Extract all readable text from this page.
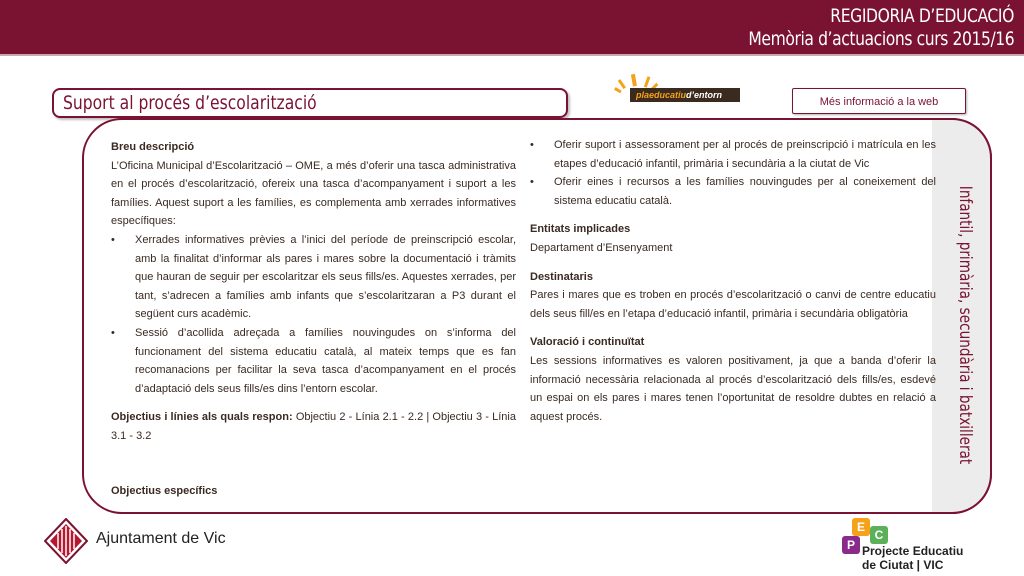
REGIDORIA D’EDUCACIÓ
Memòria d’actuacions curs 2015/16
Suport al procés d’escolarització	plaeducatiud’entorn
Més informació a la web
Infantil, primària, secundària i batxillerat

Breu descripció

L’Oficina Municipal d’Escolarització – OME, a més d’oferir una tasca administrativa en el procés d’escolarització, ofereix una tasca d’acompanyament i suport a les famílies. Aquest suport a les famílies, es complementa amb xerrades informatives específiques:

• Xerrades informatives prèvies a l’inici del període de preinscripció escolar, amb la finalitat d’informar als pares i mares sobre la documentació i tràmits que hauran de seguir per escolaritzar els seus fills/es. Aquestes xerrades, per tant, s’adrecen a famílies amb infants que s’escolaritzaran a P3 durant el següent curs acadèmic.
• Sessió d’acollida adreçada a famílies nouvingudes on s’informa del funcionament del sistema educatiu català, al mateix temps que es fan recomanacions per facilitar la seva tasca d’acompanyament en el procés d’adaptació dels seus fills/es dins l’entorn escolar.

Objectius i línies als quals respon: Objectiu 2 - Línia 2.1 - 2.2 | Objectiu 3 - Línia 3.1 - 3.2

Objectius específics

• Oferir suport i assessorament per al procés de preinscripció i matrícula en les etapes d’educació infantil, primària i secundària a la ciutat de Vic
• Oferir eines i recursos a les famílies nouvingudes per al coneixement del sistema educatiu català.

Entitats implicades

Departament d’Ensenyament

Destinataris

Pares i mares que es troben en procés d’escolarització o canvi de centre educatiu dels seus fill/es en l’etapa d’educació infantil, primària i secundària obligatòria

Valoració i continuïtat

Les sessions informatives es valoren positivament, ja que a banda d’oferir la informació necessària relacionada al procés d’escolarització dels fills/es, esdevé un espai on els pares i mares tenen l’oportunitat de resoldre dubtes en relació a aquest procés.

Ajuntament de Vic
E
C
P Projecte Educatiu
de Ciutat | VIC
